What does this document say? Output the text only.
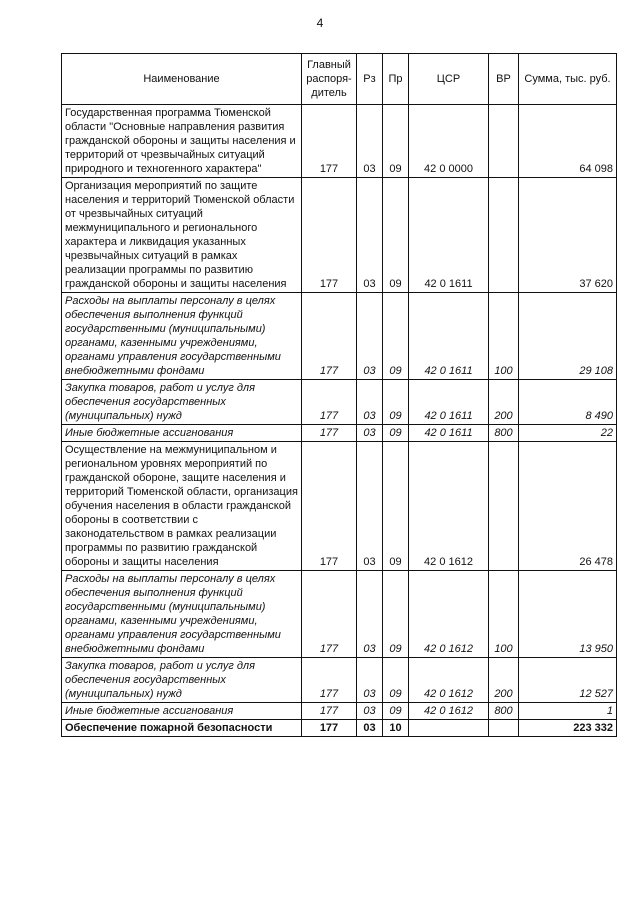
4
Наименование	Главный распоря- дитель	Рз	Пр	ЦСР	ВР	Сумма, тыс. руб.
Государственная программа Тюменской области "Основные направления развития гражданской обороны и защиты населения и территорий от чрезвычайных ситуаций природного и техногенного характера"	177	03	09	42 0 0000		64 098
Организация мероприятий по защите населения и территорий Тюменской области от чрезвычайных ситуаций межмуниципального и регионального характера и ликвидация указанных чрезвычайных ситуаций в рамках реализации программы по развитию гражданской обороны и защиты населения	177	03	09	42 0 1611		37 620
Расходы на выплаты персоналу в целях обеспечения выполнения функций государственными (муниципальными) органами, казенными учреждениями, органами управления государственными внебюджетными фондами	177	03	09	42 0 1611	100	29 108
Закупка товаров, работ и услуг для обеспечения государственных (муниципальных) нужд	177	03	09	42 0 1611	200	8 490
Иные бюджетные ассигнования	177	03	09	42 0 1611	800	22
Осуществление на межмуниципальном и региональном уровнях мероприятий по гражданской обороне, защите населения и территорий Тюменской области, организация обучения населения в области гражданской обороны в соответствии с законодательством в рамках реализации программы по развитию гражданской обороны и защиты населения	177	03	09	42 0 1612		26 478
Расходы на выплаты персоналу в целях обеспечения выполнения функций государственными (муниципальными) органами, казенными учреждениями, органами управления государственными внебюджетными фондами	177	03	09	42 0 1612	100	13 950
Закупка товаров, работ и услуг для обеспечения государственных (муниципальных) нужд	177	03	09	42 0 1612	200	12 527
Иные бюджетные ассигнования	177	03	09	42 0 1612	800	1
Обеспечение пожарной безопасности	177	03	10			223 332
